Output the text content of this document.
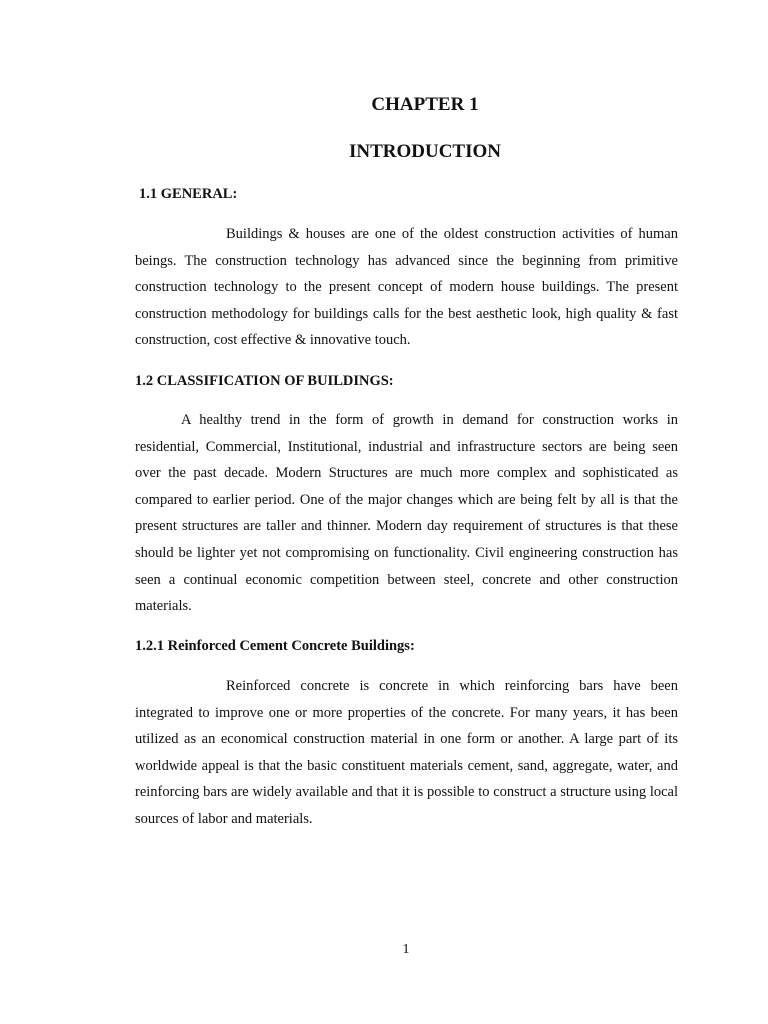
CHAPTER 1
INTRODUCTION
1.1 GENERAL:

Buildings & houses are one of the oldest construction activities of human beings. The construction technology has advanced since the beginning from primitive construction technology to the present concept of modern house buildings. The present construction methodology for buildings calls for the best aesthetic look, high quality & fast construction, cost effective & innovative touch.

1.2 CLASSIFICATION OF BUILDINGS:

A healthy trend in the form of growth in demand for construction works in residential, Commercial, Institutional, industrial and infrastructure sectors are being seen over the past decade. Modern Structures are much more complex and sophisticated as compared to earlier period. One of the major changes which are being felt by all is that the present structures are taller and thinner. Modern day requirement of structures is that these should be lighter yet not compromising on functionality. Civil engineering construction has seen a continual economic competition between steel, concrete and other construction materials.

1.2.1 Reinforced Cement Concrete Buildings:

Reinforced concrete is concrete in which reinforcing bars have been integrated to improve one or more properties of the concrete. For many years, it has been utilized as an economical construction material in one form or another. A large part of its worldwide appeal is that the basic constituent materials cement, sand, aggregate, water, and reinforcing bars are widely available and that it is possible to construct a structure using local sources of labor and materials.

1
